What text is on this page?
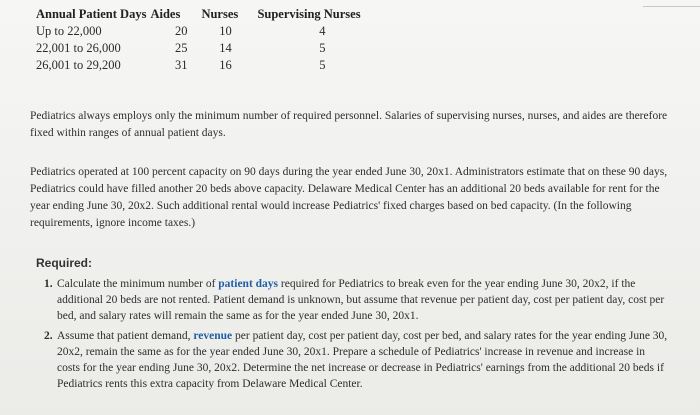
Annual Patient Days	Aides	Nurses	Supervising Nurses
Up to 22,000	20	10	4
22,001 to 26,000	25	14	5
26,001 to 29,200	31	16	5

Pediatrics always employs only the minimum number of required personnel. Salaries of supervising nurses, nurses, and aides are therefore fixed within ranges of annual patient days.

Pediatrics operated at 100 percent capacity on 90 days during the year ended June 30, 20x1. Administrators estimate that on these 90 days, Pediatrics could have filled another 20 beds above capacity. Delaware Medical Center has an additional 20 beds available for rent for the year ending June 30, 20x2. Such additional rental would increase Pediatrics' fixed charges based on bed capacity. (In the following requirements, ignore income taxes.)

Required:

1. Calculate the minimum number of patient days required for Pediatrics to break even for the year ending June 30, 20x2, if the additional 20 beds are not rented. Patient demand is unknown, but assume that revenue per patient day, cost per patient day, cost per bed, and salary rates will remain the same as for the year ended June 30, 20x1.
2. Assume that patient demand, revenue per patient day, cost per patient day, cost per bed, and salary rates for the year ending June 30, 20x2, remain the same as for the year ended June 30, 20x1. Prepare a schedule of Pediatrics' increase in revenue and increase in costs for the year ending June 30, 20x2. Determine the net increase or decrease in Pediatrics' earnings from the additional 20 beds if Pediatrics rents this extra capacity from Delaware Medical Center.
